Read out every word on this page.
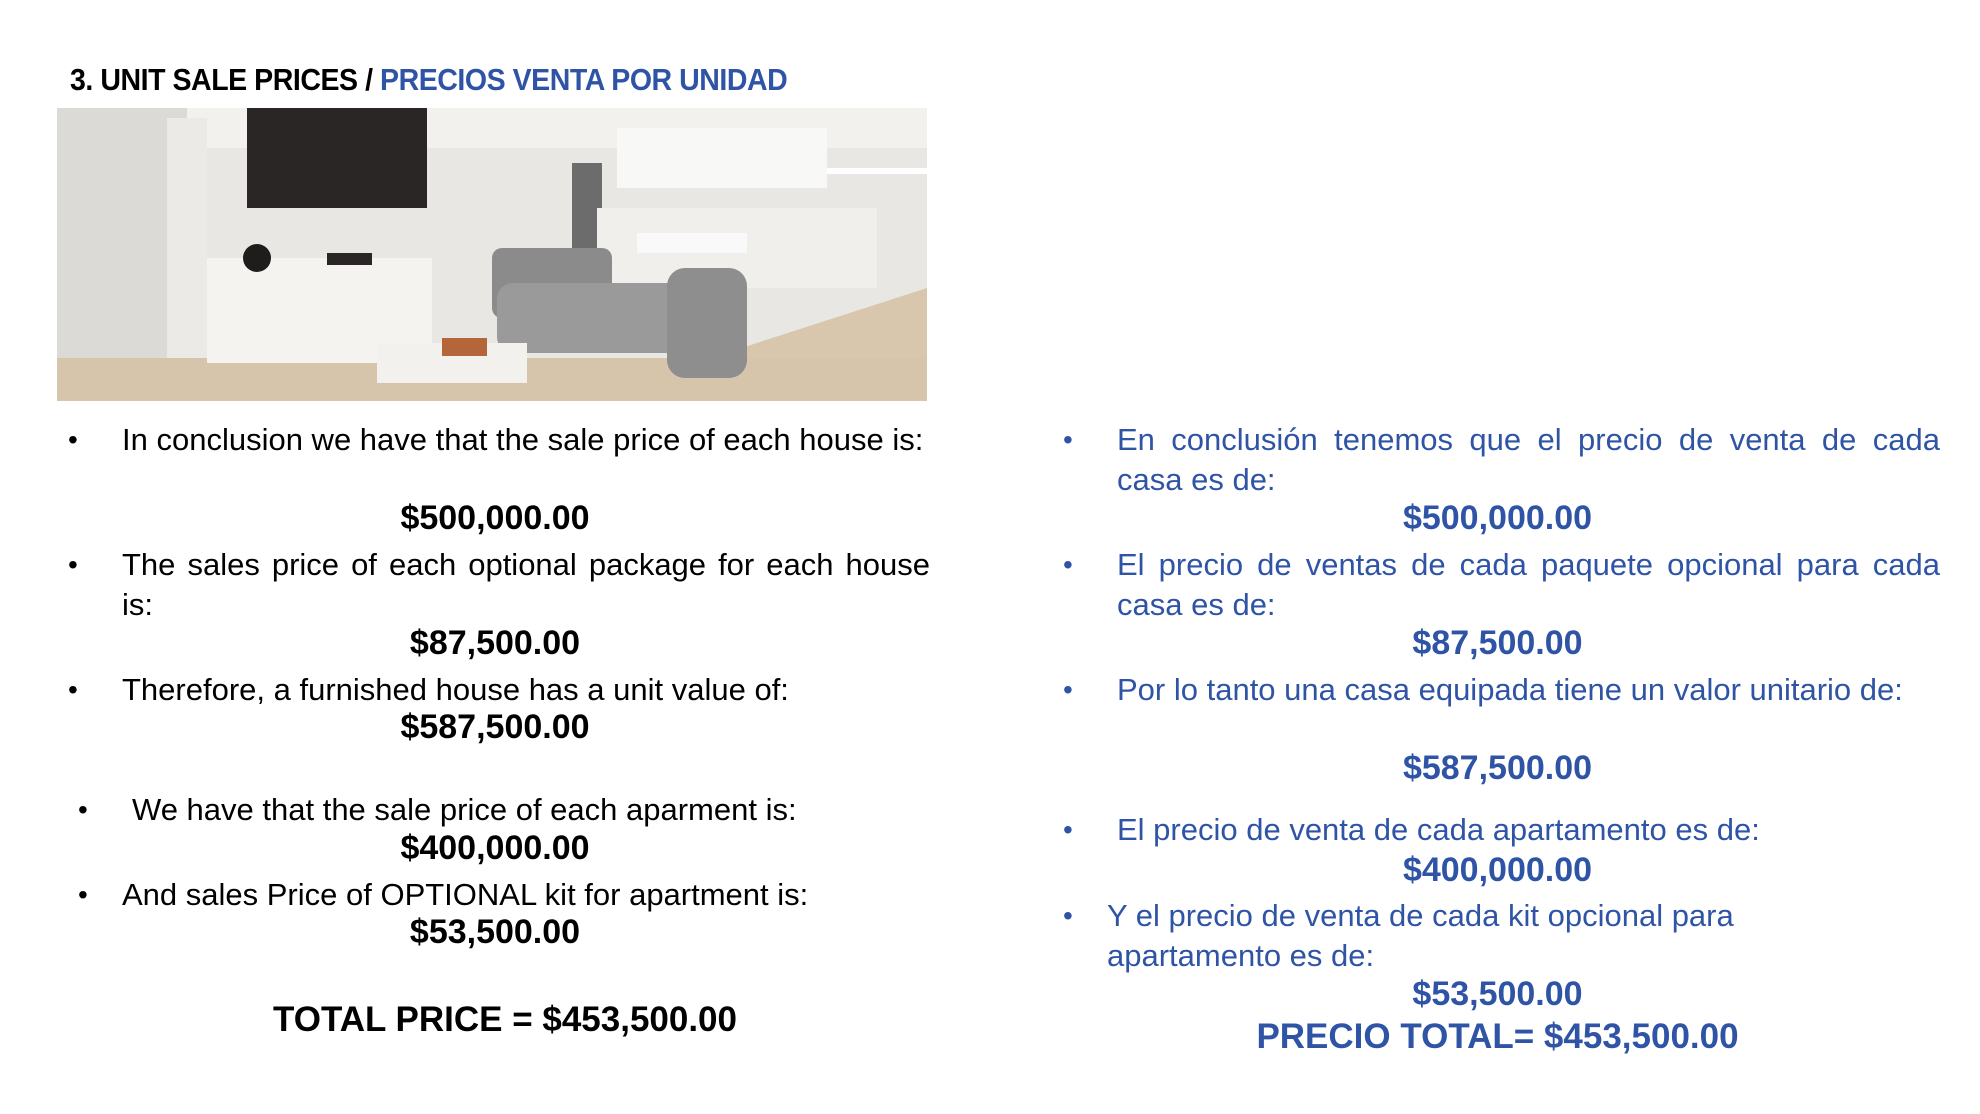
3. UNIT SALE PRICES / PRECIOS VENTA POR UNIDAD
• In conclusion we have that the sale price of each house is:
$500,000.00
• The sales price of each optional package for each house is:
$87,500.00
• Therefore, a furnished house has a unit value of:
$587,500.00
• We have that the sale price of each aparment is:
$400,000.00
• And sales Price of OPTIONAL kit for apartment is:
$53,500.00
TOTAL PRICE = $453,500.00
• En conclusión tenemos que el precio de venta de cada casa es de:
$500,000.00
• El precio de ventas de cada paquete opcional para cada casa es de:
$87,500.00
• Por lo tanto una casa equipada tiene un valor unitario de:
$587,500.00
• El precio de venta de cada apartamento es de:
$400,000.00
• Y el precio de venta de cada kit opcional para apartamento es de:
$53,500.00
PRECIO TOTAL= $453,500.00
